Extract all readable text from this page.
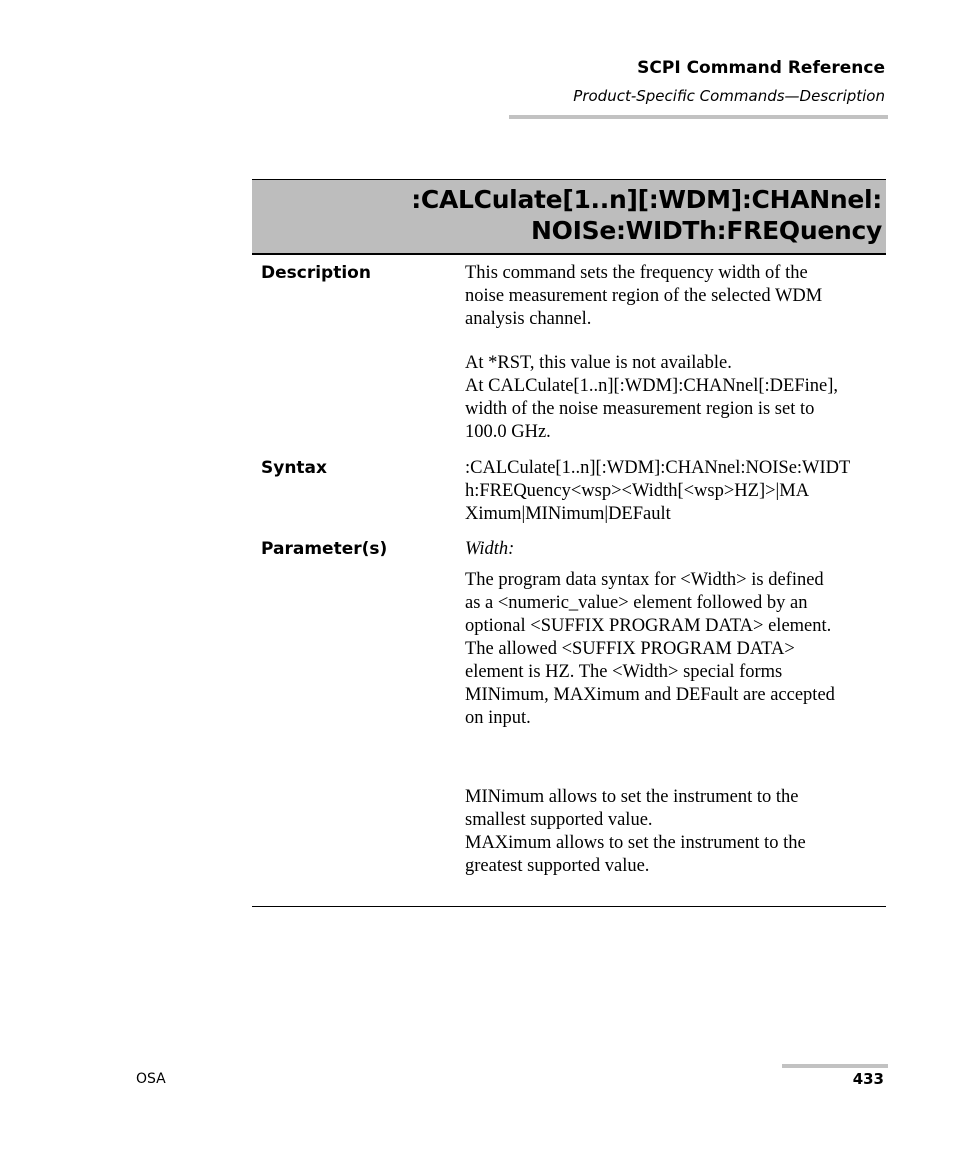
SCPI Command Reference
Product-Specific Commands—Description
:CALCulate[1..n][:WDM]:CHANnel:
NOISe:WIDTh:FREQuency
Description	This command sets the frequency width of the
noise measurement region of the selected WDM
analysis channel.
At *RST, this value is not available.
At CALCulate[1..n][:WDM]:CHANnel[:DEFine],
width of the noise measurement region is set to
100.0 GHz.
Syntax	:CALCulate[1..n][:WDM]:CHANnel:NOISe:WIDT
h:FREQuency<wsp><Width[<wsp>HZ]>|MA
Ximum|MINimum|DEFault
Parameter(s)	Width:
The program data syntax for <Width> is defined
as a <numeric_value> element followed by an
optional <SUFFIX PROGRAM DATA> element.
The allowed <SUFFIX PROGRAM DATA>
element is HZ. The <Width> special forms
MINimum, MAXimum and DEFault are accepted
on input.
MINimum allows to set the instrument to the
smallest supported value.
MAXimum allows to set the instrument to the
greatest supported value.
OSA	433
